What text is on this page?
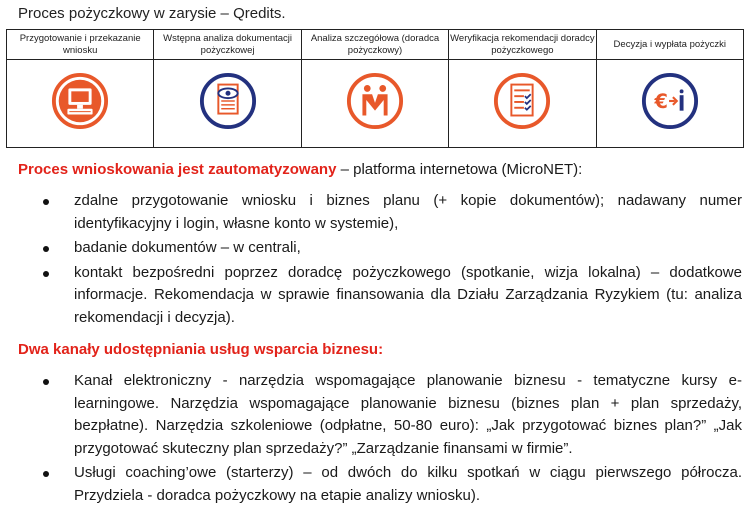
Proces pożyczkowy w zarysie – Qredits.
Przygotowanie i przekazanie wniosku	Wstępna analiza dokumentacji pożyczkowej	Analiza szczegółowa (doradca pożyczkowy)	Weryfikacja rekomendacji doradcy pożyczkowego	Decyzja i wypłata pożyczki

€
Proces wnioskowania jest zautomatyzowany – platforma internetowa (MicroNET):
zdalne przygotowanie wniosku i biznes planu (+ kopie dokumentów); nadawany numer identyfikacyjny i login, własne konto w systemie),
badanie dokumentów – w centrali,
kontakt bezpośredni poprzez doradcę pożyczkowego (spotkanie, wizja lokalna) – dodatkowe informacje. Rekomendacja w sprawie finansowania dla Działu Zarządzania Ryzykiem (tu: analiza rekomendacji i decyzja).
Dwa kanały udostępniania usług wsparcia biznesu:
Kanał elektroniczny - narzędzia wspomagające planowanie biznesu - tematyczne kursy e-learningowe. Narzędzia wspomagające planowanie biznesu (biznes plan + plan sprzedaży, bezpłatne). Narzędzia szkoleniowe (odpłatne, 50-80 euro): „Jak przygotować biznes plan?” „Jak przygotować skuteczny plan sprzedaży?” „Zarządzanie finansami w firmie”.
Usługi coaching’owe (starterzy) – od dwóch do kilku spotkań w ciągu pierwszego półrocza. Przydziela - doradca pożyczkowy na etapie analizy wniosku).
